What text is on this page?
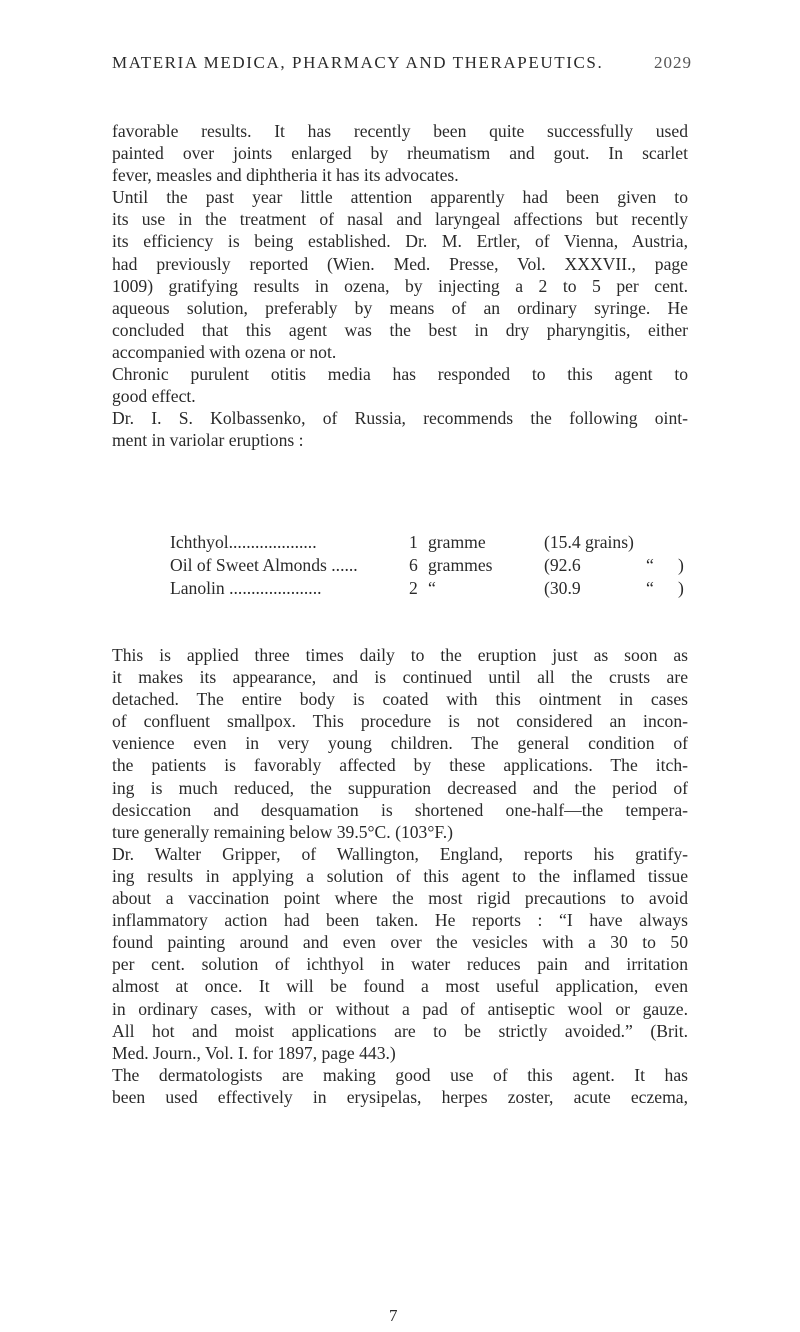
MATERIA MEDICA, PHARMACY AND THERAPEUTICS.	2029
favorable results. It has recently been quite successfully used
painted over joints enlarged by rheumatism and gout. In scarlet
fever, measles and diphtheria it has its advocates.
Until the past year little attention apparently had been given to
its use in the treatment of nasal and laryngeal affections but recently
its efficiency is being established. Dr. M. Ertler, of Vienna, Austria,
had previously reported (Wien. Med. Presse, Vol. XXXVII., page
1009) gratifying results in ozena, by injecting a 2 to 5 per cent.
aqueous solution, preferably by means of an ordinary syringe. He
concluded that this agent was the best in dry pharyngitis, either
accompanied with ozena or not.
Chronic purulent otitis media has responded to this agent to
good effect.
Dr. I. S. Kolbassenko, of Russia, recommends the following oint-
ment in variolar eruptions :
Ichthyol....................	1 gramme	(15.4 grains)
Oil of Sweet Almonds ......	6 grammes	(92.6	“ )
Lanolin .....................	2 “	(30.9	“ )
This is applied three times daily to the eruption just as soon as
it makes its appearance, and is continued until all the crusts are
detached. The entire body is coated with this ointment in cases
of confluent smallpox. This procedure is not considered an incon-
venience even in very young children. The general condition of
the patients is favorably affected by these applications. The itch-
ing is much reduced, the suppuration decreased and the period of
desiccation and desquamation is shortened one-half—the tempera-
ture generally remaining below 39.5°C. (103°F.)
Dr. Walter Gripper, of Wallington, England, reports his gratify-
ing results in applying a solution of this agent to the inflamed tissue
about a vaccination point where the most rigid precautions to avoid
inflammatory action had been taken. He reports : “I have always
found painting around and even over the vesicles with a 30 to 50
per cent. solution of ichthyol in water reduces pain and irritation
almost at once. It will be found a most useful application, even
in ordinary cases, with or without a pad of antiseptic wool or gauze.
All hot and moist applications are to be strictly avoided.” (Brit.
Med. Journ., Vol. I. for 1897, page 443.)
The dermatologists are making good use of this agent. It has
been used effectively in erysipelas, herpes zoster, acute eczema,
7
